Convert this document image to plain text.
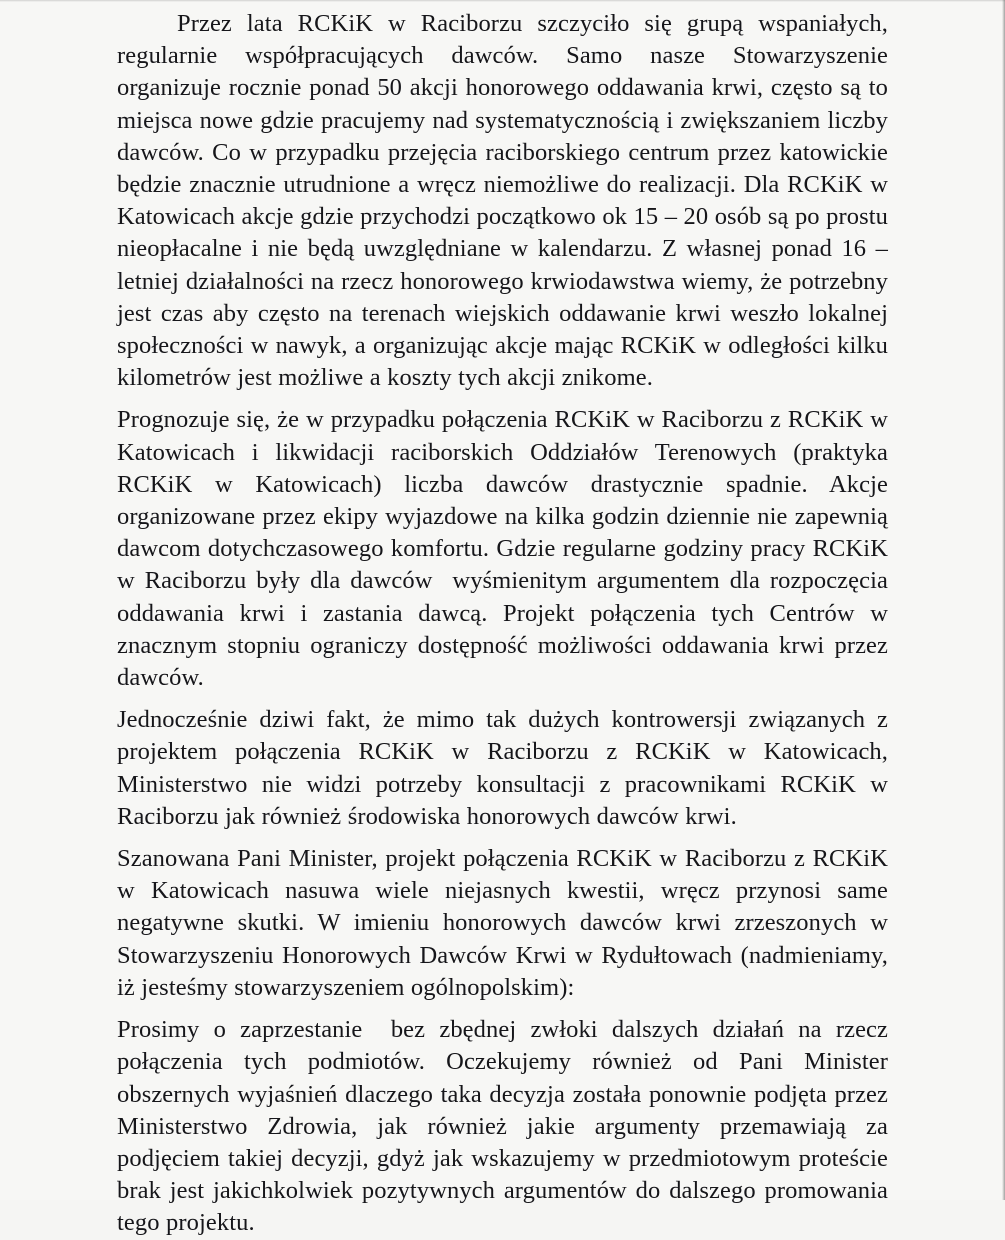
Przez lata RCKiK w Raciborzu szczyciło się grupą wspaniałych, regularnie współpracujących dawców. Samo nasze Stowarzyszenie organizuje rocznie ponad 50 akcji honorowego oddawania krwi, często są to miejsca nowe gdzie pracujemy nad systematycznością i zwiększaniem liczby dawców. Co w przypadku przejęcia raciborskiego centrum przez katowickie  będzie znacznie utrudnione a wręcz niemożliwe do realizacji. Dla RCKiK w Katowicach akcje gdzie przychodzi początkowo ok 15 – 20 osób są po prostu nieopłacalne i nie będą uwzględniane w kalendarzu. Z własnej ponad 16 – letniej działalności na rzecz honorowego krwiodawstwa wiemy, że potrzebny jest czas aby często na terenach wiejskich oddawanie krwi weszło lokalnej społeczności w nawyk, a organizując akcje mając RCKiK w odległości kilku kilometrów jest możliwe a koszty tych akcji znikome.

Prognozuje się, że w przypadku połączenia RCKiK w Raciborzu z RCKiK w Katowicach i likwidacji raciborskich Oddziałów Terenowych (praktyka RCKiK w Katowicach) liczba dawców drastycznie spadnie. Akcje organizowane przez ekipy wyjazdowe na kilka godzin dziennie nie zapewnią dawcom dotychczasowego komfortu. Gdzie regularne godziny pracy RCKiK w Raciborzu były dla dawców  wyśmienitym argumentem dla rozpoczęcia oddawania krwi i zastania dawcą. Projekt połączenia tych Centrów w znacznym stopniu ograniczy dostępność możliwości oddawania krwi przez dawców.

Jednocześnie dziwi fakt, że mimo tak dużych kontrowersji związanych z projektem połączenia RCKiK w Raciborzu z RCKiK w Katowicach, Ministerstwo nie widzi potrzeby konsultacji z pracownikami RCKiK w Raciborzu jak również środowiska honorowych dawców krwi.

Szanowana Pani Minister, projekt połączenia RCKiK w Raciborzu z RCKiK w Katowicach nasuwa wiele niejasnych kwestii, wręcz przynosi same negatywne skutki. W imieniu honorowych dawców krwi zrzeszonych w Stowarzyszeniu Honorowych Dawców Krwi w Rydułtowach (nadmieniamy, iż jesteśmy stowarzyszeniem ogólnopolskim):

Prosimy o zaprzestanie  bez zbędnej zwłoki dalszych działań na rzecz połączenia tych podmiotów. Oczekujemy również od Pani Minister obszernych wyjaśnień dlaczego taka decyzja została ponownie podjęta przez Ministerstwo Zdrowia, jak również jakie argumenty przemawiają za podjęciem takiej decyzji, gdyż jak wskazujemy w przedmiotowym proteście brak jest jakichkolwiek pozytywnych argumentów do dalszego promowania tego projektu.
